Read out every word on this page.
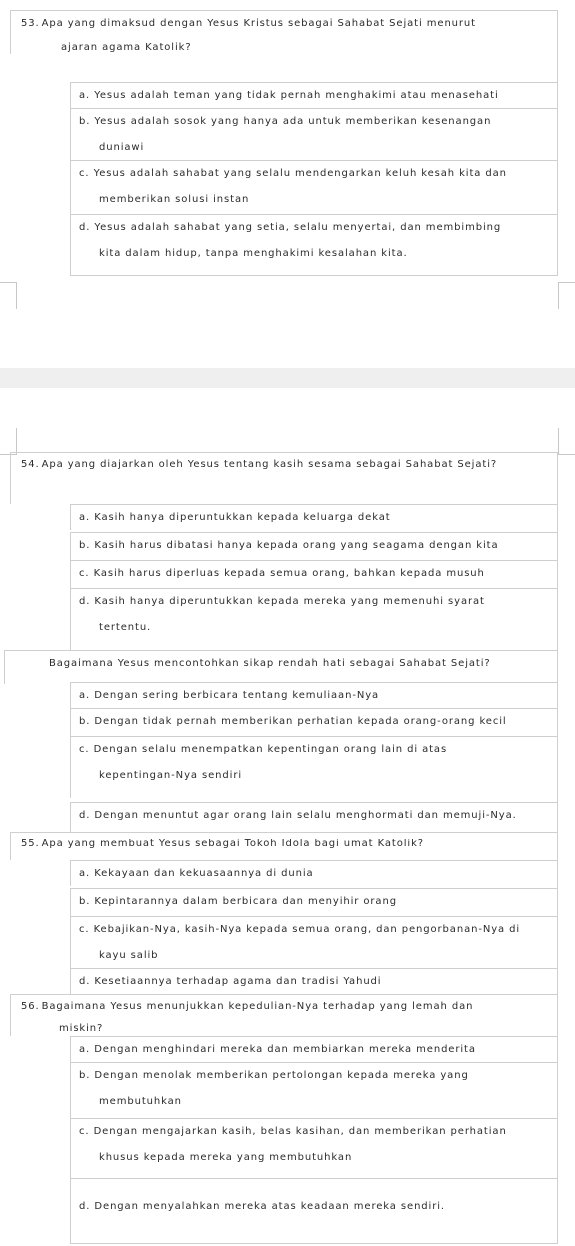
53. Apa yang dimaksud dengan Yesus Kristus sebagai Sahabat Sejati menurut
ajaran agama Katolik?
a. Yesus adalah teman yang tidak pernah menghakimi atau menasehati
b. Yesus adalah sosok yang hanya ada untuk memberikan kesenangan
duniawi
c. Yesus adalah sahabat yang selalu mendengarkan keluh kesah kita dan
memberikan solusi instan
d. Yesus adalah sahabat yang setia, selalu menyertai, dan membimbing
kita dalam hidup, tanpa menghakimi kesalahan kita.
54. Apa yang diajarkan oleh Yesus tentang kasih sesama sebagai Sahabat Sejati?
a. Kasih hanya diperuntukkan kepada keluarga dekat
b. Kasih harus dibatasi hanya kepada orang yang seagama dengan kita
c. Kasih harus diperluas kepada semua orang, bahkan kepada musuh
d. Kasih hanya diperuntukkan kepada mereka yang memenuhi syarat
tertentu.
Bagaimana Yesus mencontohkan sikap rendah hati sebagai Sahabat Sejati?
a. Dengan sering berbicara tentang kemuliaan-Nya
b. Dengan tidak pernah memberikan perhatian kepada orang-orang kecil
c. Dengan selalu menempatkan kepentingan orang lain di atas
kepentingan-Nya sendiri
d. Dengan menuntut agar orang lain selalu menghormati dan memuji-Nya.
55. Apa yang membuat Yesus sebagai Tokoh Idola bagi umat Katolik?
a. Kekayaan dan kekuasaannya di dunia
b. Kepintarannya dalam berbicara dan menyihir orang
c. Kebajikan-Nya, kasih-Nya kepada semua orang, dan pengorbanan-Nya di
kayu salib
d. Kesetiaannya terhadap agama dan tradisi Yahudi
56. Bagaimana Yesus menunjukkan kepedulian-Nya terhadap yang lemah dan
miskin?
a. Dengan menghindari mereka dan membiarkan mereka menderita
b. Dengan menolak memberikan pertolongan kepada mereka yang
membutuhkan
c. Dengan mengajarkan kasih, belas kasihan, dan memberikan perhatian
khusus kepada mereka yang membutuhkan
d. Dengan menyalahkan mereka atas keadaan mereka sendiri.
